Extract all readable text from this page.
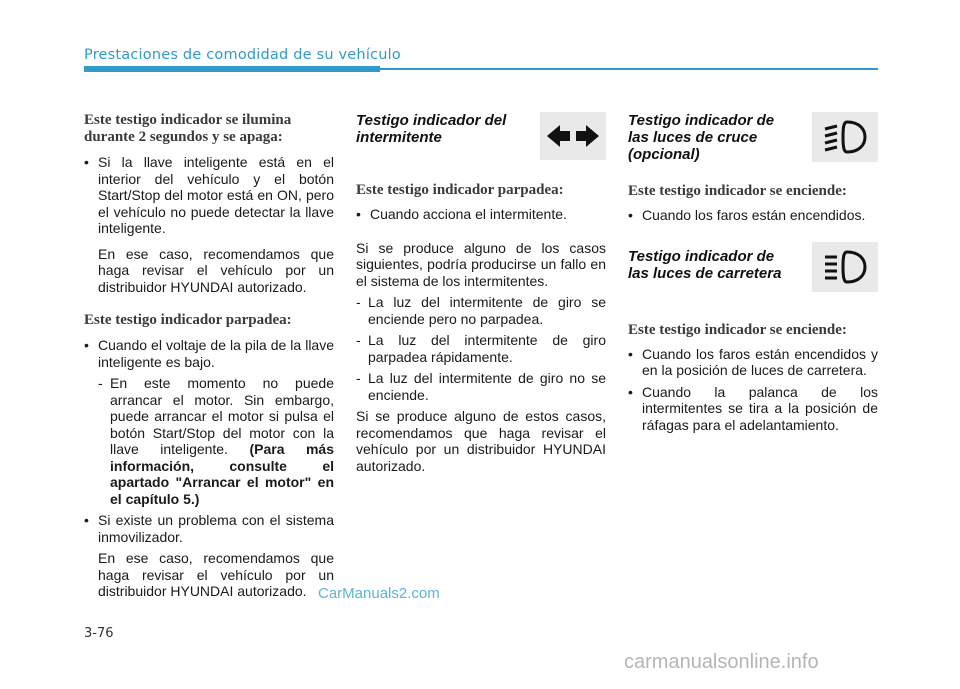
Prestaciones de comodidad de su vehículo
Este testigo indicador se ilumina durante 2 segundos y se apaga:
• Si la llave inteligente está en el interior del vehículo y el botón Start/Stop del motor está en ON, pero el vehículo no puede detectar la llave inteligente.
En ese caso, recomendamos que haga revisar el vehículo por un distribuidor HYUNDAI autorizado.
Este testigo indicador parpadea:
• Cuando el voltaje de la pila de la llave inteligente es bajo.
- En este momento no puede arrancar el motor. Sin embargo, puede arrancar el motor si pulsa el botón Start/Stop del motor con la llave inteligente. (Para más información, consulte el apartado "Arrancar el motor" en el capítulo 5.)
• Si existe un problema con el sistema inmovilizador.
En ese caso, recomendamos que haga revisar el vehículo por un distribuidor HYUNDAI autorizado.
Testigo indicador del intermitente
Este testigo indicador parpadea:
• Cuando acciona el intermitente.
Si se produce alguno de los casos siguientes, podría producirse un fallo en el sistema de los intermitentes.
- La luz del intermitente de giro se enciende pero no parpadea.
- La luz del intermitente de giro parpadea rápidamente.
- La luz del intermitente de giro no se enciende.
Si se produce alguno de estos casos, recomendamos que haga revisar el vehículo por un distribuidor HYUNDAI autorizado.
Testigo indicador de las luces de cruce (opcional)
Este testigo indicador se enciende:
• Cuando los faros están encendidos.
Testigo indicador de las luces de carretera
Este testigo indicador se enciende:
• Cuando los faros están encendidos y en la posición de luces de carretera.
• Cuando la palanca de los intermitentes se tira a la posición de ráfagas para el adelantamiento.
CarManuals2.com
3-76
carmanualsonline.info
